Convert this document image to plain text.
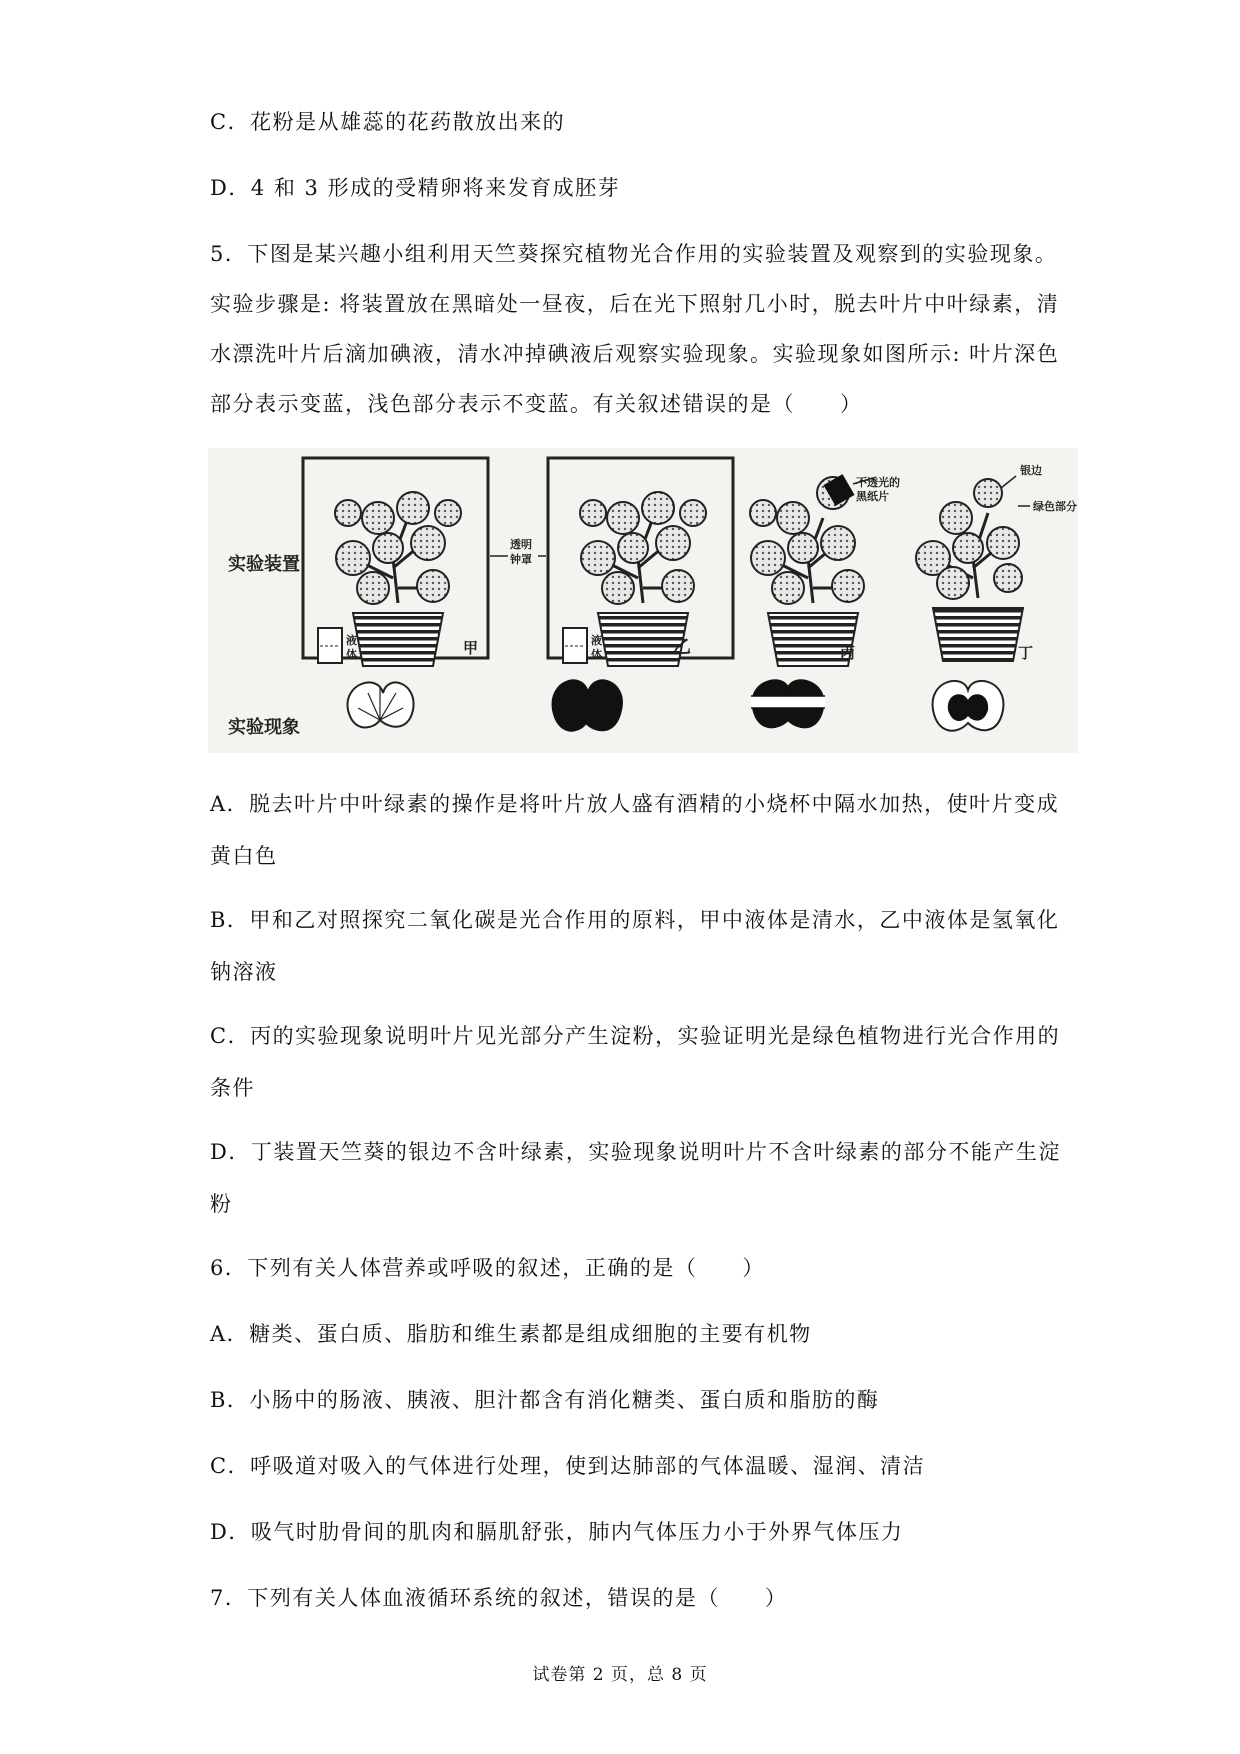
C．花粉是从雄蕊的花药散放出来的
D．4 和 3 形成的受精卵将来发育成胚芽
5．下图是某兴趣小组利用天竺葵探究植物光合作用的实验装置及观察到的实验现象。
实验步骤是: 将装置放在黑暗处一昼夜，后在光下照射几小时，脱去叶片中叶绿素，清
水漂洗叶片后滴加碘液，清水冲掉碘液后观察实验现象。实验现象如图所示: 叶片深色
部分表示变蓝，浅色部分表示不变蓝。有关叙述错误的是（　　）
实验装置
实验现象
液
体	甲
透明
钟罩
液
体	乙	丙
不透光的
黑纸片
丁
银边
绿色部分
A．脱去叶片中叶绿素的操作是将叶片放人盛有酒精的小烧杯中隔水加热，使叶片变成
黄白色
B．甲和乙对照探究二氧化碳是光合作用的原料，甲中液体是清水，乙中液体是氢氧化
钠溶液
C．丙的实验现象说明叶片见光部分产生淀粉，实验证明光是绿色植物进行光合作用的
条件
D．丁装置天竺葵的银边不含叶绿素，实验现象说明叶片不含叶绿素的部分不能产生淀
粉
6．下列有关人体营养或呼吸的叙述，正确的是（　　）
A．糖类、蛋白质、脂肪和维生素都是组成细胞的主要有机物
B．小肠中的肠液、胰液、胆汁都含有消化糖类、蛋白质和脂肪的酶
C．呼吸道对吸入的气体进行处理，使到达肺部的气体温暖、湿润、清洁
D．吸气时肋骨间的肌肉和膈肌舒张，肺内气体压力小于外界气体压力
7．下列有关人体血液循环系统的叙述，错误的是（　　）
试卷第 2 页，总 8 页
